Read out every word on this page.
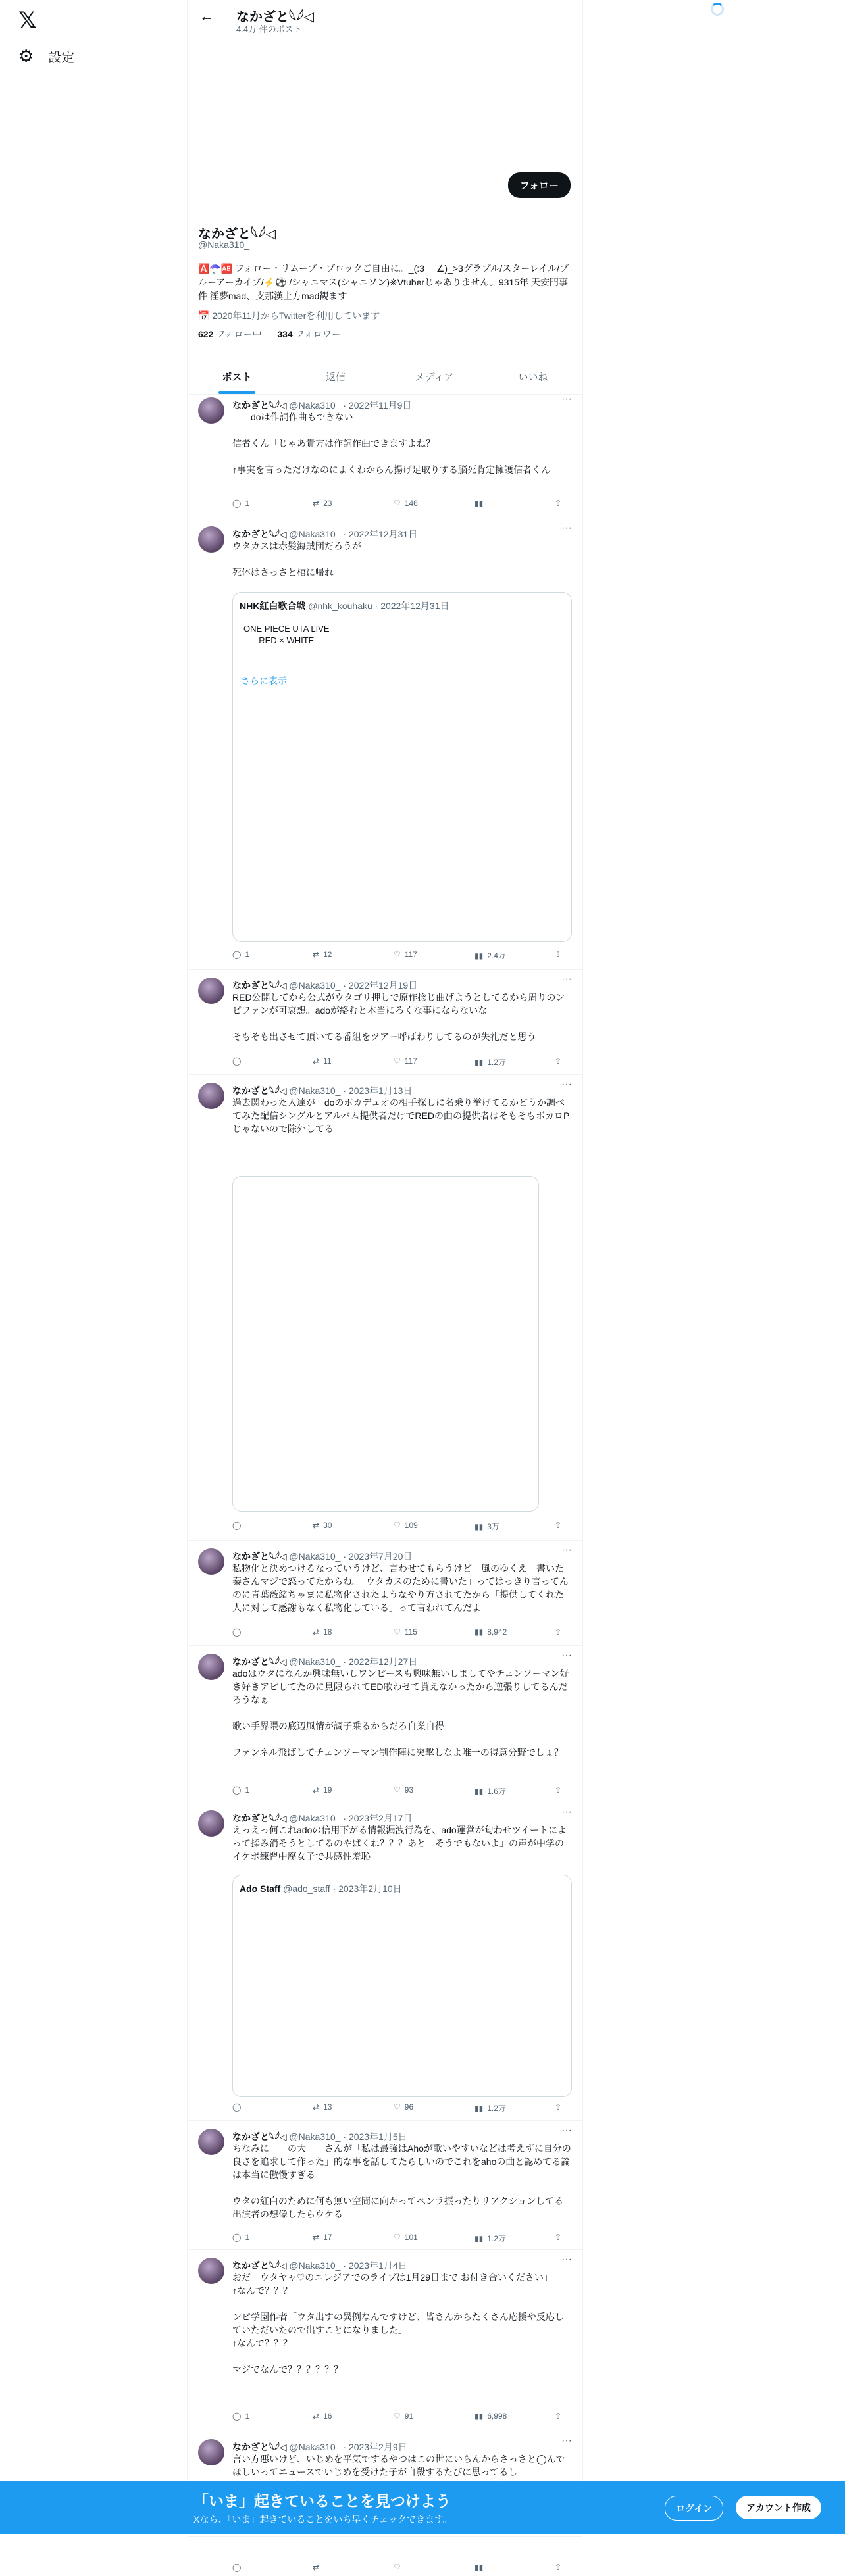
𝕏
⚙ 設定
← なかざと𓆩𓆪◁
4.4万 件のポスト
フォロー
なかざと𓆩𓆪◁
@Naka310_
🅰️☂️🆎 フォロー・リムーブ・ブロックご自由に。_(:3 」∠)_>3グラブル/スターレイル/ブルーアーカイブ/⚡️⚽️ /シャニマス(シャニソン)※Vtuberじゃありません。9315年 天安門事件 淫夢mad、支那漢土方mad観ます
📅 2020年11月からTwitterを利用しています
622 フォロー中 334 フォロワー
ポスト	返信	メディア	いいね
なかざと𓆩𓆪◁ @Naka310_ · 2022年11月9日
···
　　doは作詞作曲もできない

信者くん「じゃあ貴方は作詞作曲できますよね？」

↑事実を言っただけなのによくわからん揚げ足取りする脳死肯定擁護信者くん
◯ 1	⇄ 23	♡ 146	▮▮	⇧
なかざと𓆩𓆪◁ @Naka310_ · 2022年12月31日
···
ウタカスは赤髪海賊団だろうが

死体はさっさと棺に帰れ
NHK紅白歌合戦 @nhk_kouhaku · 2022年12月31日
ONE PIECE UTA LIVE
RED × WHITE
さらに表示
◯ 1	⇄ 12	♡ 117	▮▮ 2.4万	⇧
なかざと𓆩𓆪◁ @Naka310_ · 2022年12月19日
···
RED公開してから公式がウタゴリ押しで原作捻じ曲げようとしてるから周りのンピファンが可哀想。adoが絡むと本当にろくな事にならないな

そもそも出させて頂いてる番組をツアー呼ばわりしてるのが失礼だと思う
◯	⇄ 11	♡ 117	▮▮ 1.2万	⇧
なかざと𓆩𓆪◁ @Naka310_ · 2023年1月13日
···
過去関わった人達が　doのボカデュオの相手探しに名乗り挙げてるかどうか調べてみた配信シングルとアルバム提供者だけでREDの曲の提供者はそもそもボカロPじゃないので除外してる
◯	⇄ 30	♡ 109	▮▮ 3万	⇧
なかざと𓆩𓆪◁ @Naka310_ · 2023年7月20日
···
私物化と決めつけるなっていうけど、言わせてもらうけど「風のゆくえ」書いた秦さんマジで怒ってたからね。「ウタカスのために書いた」ってはっきり言ってんのに青葉薇緒ちゃまに私物化されたようなやり方されてたから「提供してくれた人に対して感謝もなく私物化している」って言われてんだよ
◯	⇄ 18	♡ 115	▮▮ 8,942	⇧
なかざと𓆩𓆪◁ @Naka310_ · 2022年12月27日
···
adoはウタになんか興味無いしワンピースも興味無いしましてやチェンソーマン好き好きアピしてたのに見限られてED歌わせて貰えなかったから逆張りしてるんだろうなぁ

歌い手界隈の底辺風情が調子乗るからだろ自業自得

ファンネル飛ばしてチェンソーマン制作陣に突撃しなよ唯一の得意分野でしょ？
◯ 1	⇄ 19	♡ 93	▮▮ 1.6万	⇧
なかざと𓆩𓆪◁ @Naka310_ · 2023年2月17日
···
えっえっ何これadoの信用下がる情報漏洩行為を、ado運営が匂わせツイートによって揉み消そうとしてるのやばくね？？？あと「そうでもないよ」の声が中学のイケボ練習中腐女子で共感性羞恥
Ado Staff @ado_staff · 2023年2月10日
◯	⇄ 13	♡ 96	▮▮ 1.2万	⇧
なかざと𓆩𓆪◁ @Naka310_ · 2023年1月5日
···
ちなみに　　の大　　さんが「私は最強はAhoが歌いやすいなどは考えずに自分の良さを追求して作った」的な事を話してたらしいのでこれをahoの曲と認めてる論は本当に傲慢すぎる

ウタの紅白のために何も無い空間に向かってペンラ振ったりリアクションしてる出演者の想像したらウケる
◯ 1	⇄ 17	♡ 101	▮▮ 1.2万	⇧
なかざと𓆩𓆪◁ @Naka310_ · 2023年1月4日
···
おだ「ウタヤャ♡のエレジアでのライブは1月29日まで お付き合いください」
↑なんで？？？

ンピ学園作者「ウタ出すの異例なんですけど、皆さんからたくさん応援や反応していただいたので出すことになりました」
↑なんで？？？

マジでなんで？？？？？？
◯ 1	⇄ 16	♡ 91	▮▮ 6,998	⇧
なかざと𓆩𓆪◁ @Naka310_ · 2023年2月9日
···
言い方悪いけど、いじめを平気でするやつはこの世にいらんからさっさと◯んでほしいってニュースでいじめを受けた子が自殺するたびに思ってるし

◯	⇄	♡	▮▮	⇧
「いま」起きていることを見つけよう
Xなら、「いま」起きていることをいち早くチェックできます。
ログイン	アカウント作成
